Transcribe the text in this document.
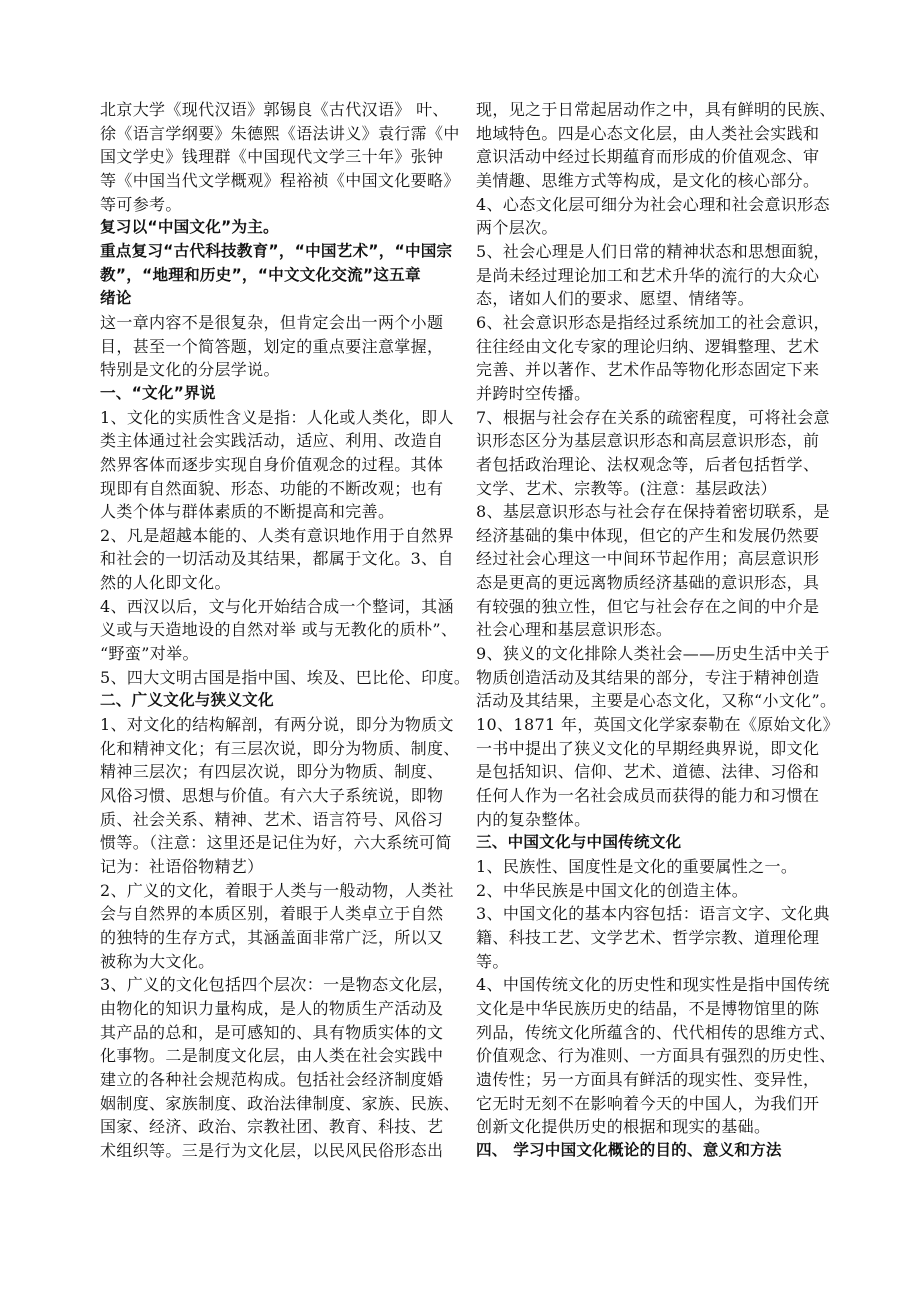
北京大学《现代汉语》郭锡良《古代汉语》 叶、
徐《语言学纲要》朱德熙《语法讲义》袁行霈《中
国文学史》钱理群《中国现代文学三十年》张钟
等《中国当代文学概观》程裕祯《中国文化要略》
等可参考。
复习以“中国文化”为主。
重点复习“古代科技教育”，“中国艺术”，“中国宗
教”，“地理和历史”，“中文文化交流”这五章
绪论
这一章内容不是很复杂，但肯定会出一两个小题
目，甚至一个简答题，划定的重点要注意掌握，
特别是文化的分层学说。
一、“文化”界说
1、文化的实质性含义是指：人化或人类化，即人
类主体通过社会实践活动，适应、利用、改造自
然界客体而逐步实现自身价值观念的过程。其体
现即有自然面貌、形态、功能的不断改观；也有
人类个体与群体素质的不断提高和完善。
2、凡是超越本能的、人类有意识地作用于自然界
和社会的一切活动及其结果，都属于文化。3、自
然的人化即文化。
4、西汉以后，文与化开始结合成一个整词，其涵
义或与天造地设的自然对举 或与无教化的质朴”、
“野蛮”对举。
5、四大文明古国是指中国、埃及、巴比伦、印度。
二、广义文化与狭义文化
1、对文化的结构解剖，有两分说，即分为物质文
化和精神文化；有三层次说，即分为物质、制度、
精神三层次；有四层次说，即分为物质、制度、
风俗习惯、思想与价值。有六大子系统说，即物
质、社会关系、精神、艺术、语言符号、风俗习
惯等。（注意：这里还是记住为好，六大系统可简
记为：社语俗物精艺）
2、广义的文化，着眼于人类与一般动物，人类社
会与自然界的本质区别，着眼于人类卓立于自然
的独特的生存方式，其涵盖面非常广泛，所以又
被称为大文化。
3、广义的文化包括四个层次：一是物态文化层，
由物化的知识力量构成，是人的物质生产活动及
其产品的总和，是可感知的、具有物质实体的文
化事物。二是制度文化层，由人类在社会实践中
建立的各种社会规范构成。包括社会经济制度婚
姻制度、家族制度、政治法律制度、家族、民族、
国家、经济、政治、宗教社团、教育、科技、艺
术组织等。三是行为文化层，以民风民俗形态出
现，见之于日常起居动作之中，具有鲜明的民族、
地域特色。四是心态文化层，由人类社会实践和
意识活动中经过长期蕴育而形成的价值观念、审
美情趣、思维方式等构成，是文化的核心部分。
4、心态文化层可细分为社会心理和社会意识形态
两个层次。
5、社会心理是人们日常的精神状态和思想面貌，
是尚未经过理论加工和艺术升华的流行的大众心
态，诸如人们的要求、愿望、情绪等。
6、社会意识形态是指经过系统加工的社会意识，
往往经由文化专家的理论归纳、逻辑整理、艺术
完善、并以著作、艺术作品等物化形态固定下来
并跨时空传播。
7、根据与社会存在关系的疏密程度，可将社会意
识形态区分为基层意识形态和高层意识形态，前
者包括政治理论、法权观念等，后者包括哲学、
文学、艺术、宗教等。(注意：基层政法）
8、基层意识形态与社会存在保持着密切联系，是
经济基础的集中体现，但它的产生和发展仍然要
经过社会心理这一中间环节起作用；高层意识形
态是更高的更远离物质经济基础的意识形态，具
有较强的独立性，但它与社会存在之间的中介是
社会心理和基层意识形态。
9、狭义的文化排除人类社会——历史生活中关于
物质创造活动及其结果的部分，专注于精神创造
活动及其结果，主要是心态文化，又称“小文化”。
10、1871 年，英国文化学家泰勒在《原始文化》
一书中提出了狭义文化的早期经典界说，即文化
是包括知识、信仰、艺术、道德、法律、习俗和
任何人作为一名社会成员而获得的能力和习惯在
内的复杂整体。
三、中国文化与中国传统文化
1、民族性、国度性是文化的重要属性之一。
2、中华民族是中国文化的创造主体。
3、中国文化的基本内容包括：语言文字、文化典
籍、科技工艺、文学艺术、哲学宗教、道理伦理
等。
4、中国传统文化的历史性和现实性是指中国传统
文化是中华民族历史的结晶，不是博物馆里的陈
列品，传统文化所蕴含的、代代相传的思维方式、
价值观念、行为准则、一方面具有强烈的历史性、
遗传性；另一方面具有鲜活的现实性、变异性，
它无时无刻不在影响着今天的中国人，为我们开
创新文化提供历史的根据和现实的基础。
四、 学习中国文化概论的目的、意义和方法
